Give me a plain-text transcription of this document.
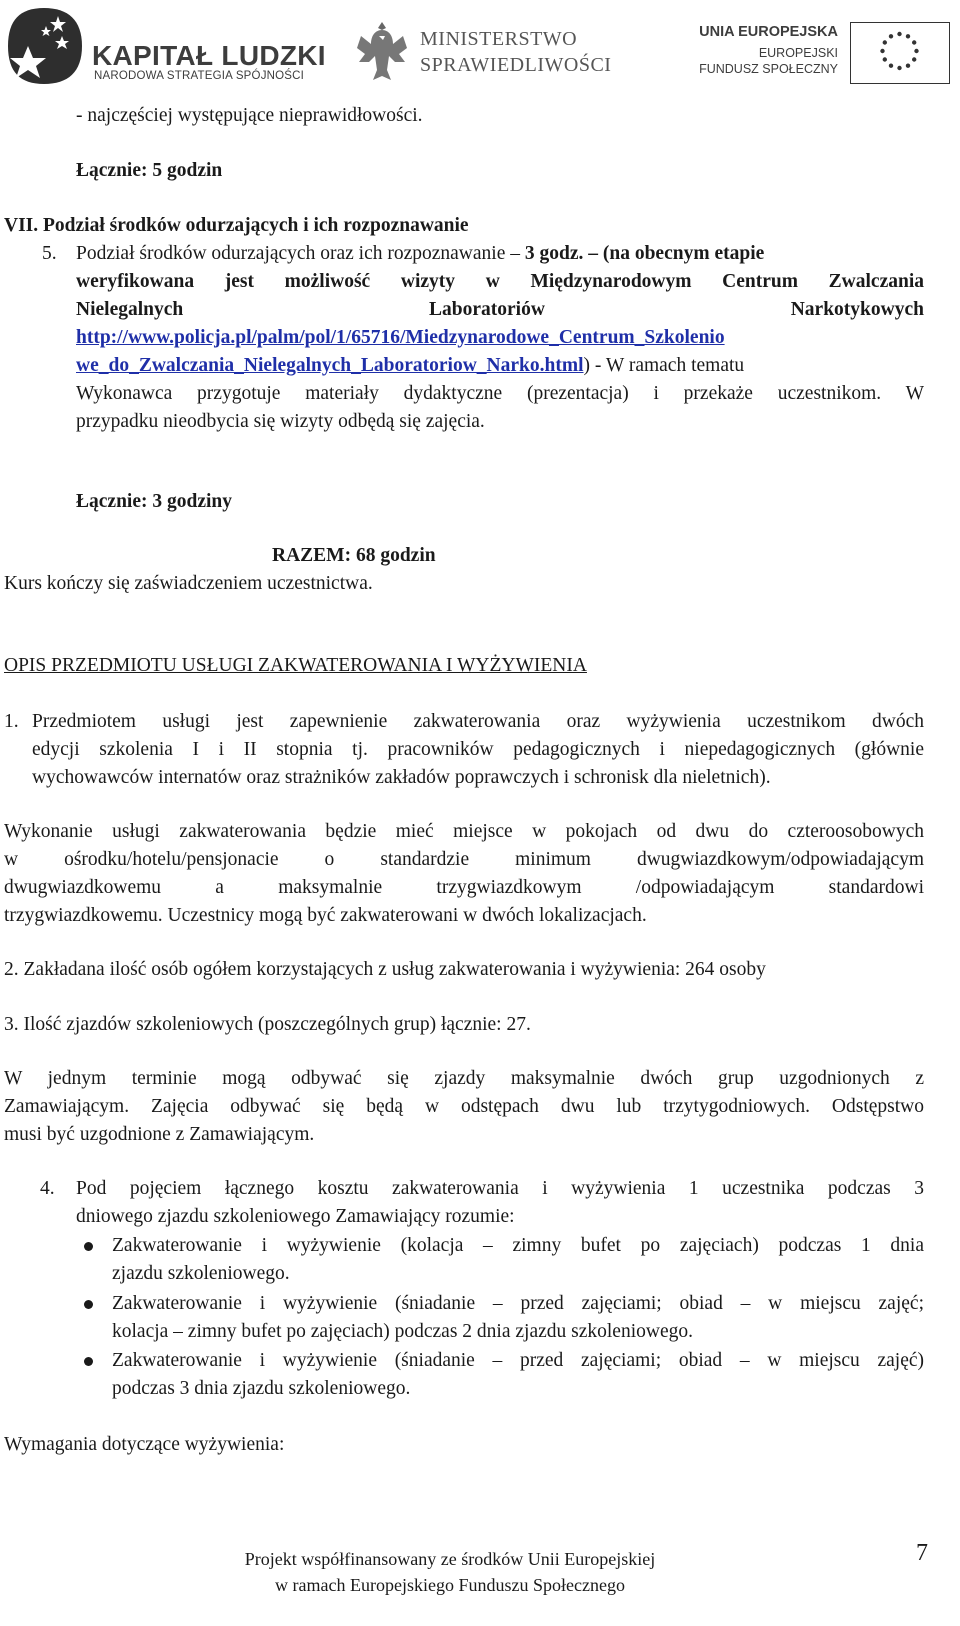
KAPITAŁ LUDZKI
NARODOWA STRATEGIA SPÓJNOŚCI
MINISTERSTWO
SPRAWIEDLIWOŚCI
UNIA EUROPEJSKA
EUROPEJSKI
FUNDUSZ SPOŁECZNY
- najczęściej występujące nieprawidłowości.
Łącznie: 5 godzin
VII. Podział środków odurzających i ich rozpoznawanie
5. Podział środków odurzających oraz ich rozpoznawanie – 3 godz. – (na obecnym etapie
weryfikowana jest możliwość wizyty w Międzynarodowym Centrum Zwalczania
Nielegalnych	Laboratoriów	Narkotykowych
http://www.policja.pl/palm/pol/1/65716/Miedzynarodowe_Centrum_Szkolenio
we_do_Zwalczania_Nielegalnych_Laboratoriow_Narko.html) - W ramach tematu
Wykonawca przygotuje materiały dydaktyczne (prezentacja) i przekaże uczestnikom. W
przypadku nieodbycia się wizyty odbędą się zajęcia.
Łącznie: 3 godziny
RAZEM: 68 godzin
Kurs kończy się zaświadczeniem uczestnictwa.
OPIS PRZEDMIOTU USŁUGI ZAKWATEROWANIA I WYŻYWIENIA
1. Przedmiotem usługi jest zapewnienie zakwaterowania oraz wyżywienia uczestnikom dwóch
edycji szkolenia I i II stopnia tj. pracowników pedagogicznych i niepedagogicznych (głównie
wychowawców internatów oraz strażników zakładów poprawczych i schronisk dla nieletnich).
Wykonanie usługi zakwaterowania będzie mieć miejsce w pokojach od dwu do czteroosobowych
w ośrodku/hotelu/pensjonacie o standardzie minimum dwugwiazdkowym/odpowiadającym
dwugwiazdkowemu a maksymalnie trzygwiazdkowym /odpowiadającym standardowi
trzygwiazdkowemu. Uczestnicy mogą być zakwaterowani w dwóch lokalizacjach.
2. Zakładana ilość osób ogółem korzystających z usług zakwaterowania i wyżywienia: 264 osoby
3. Ilość zjazdów szkoleniowych (poszczególnych grup) łącznie: 27.
W jednym terminie mogą odbywać się zjazdy maksymalnie dwóch grup uzgodnionych z
Zamawiającym. Zajęcia odbywać się będą w odstępach dwu lub trzytygodniowych. Odstępstwo
musi być uzgodnione z Zamawiającym.
4. Pod pojęciem łącznego kosztu zakwaterowania i wyżywienia 1 uczestnika podczas 3
dniowego zjazdu szkoleniowego Zamawiający rozumie:
Zakwaterowanie i wyżywienie (kolacja – zimny bufet po zajęciach) podczas 1 dnia
zjazdu szkoleniowego.
Zakwaterowanie i wyżywienie (śniadanie – przed zajęciami; obiad – w miejscu zajęć;
kolacja – zimny bufet po zajęciach) podczas 2 dnia zjazdu szkoleniowego.
Zakwaterowanie i wyżywienie (śniadanie – przed zajęciami; obiad – w miejscu zajęć)
podczas 3 dnia zjazdu szkoleniowego.
Wymagania dotyczące wyżywienia:
Projekt współfinansowany ze środków Unii Europejskiej
w ramach Europejskiego Funduszu Społecznego
7
